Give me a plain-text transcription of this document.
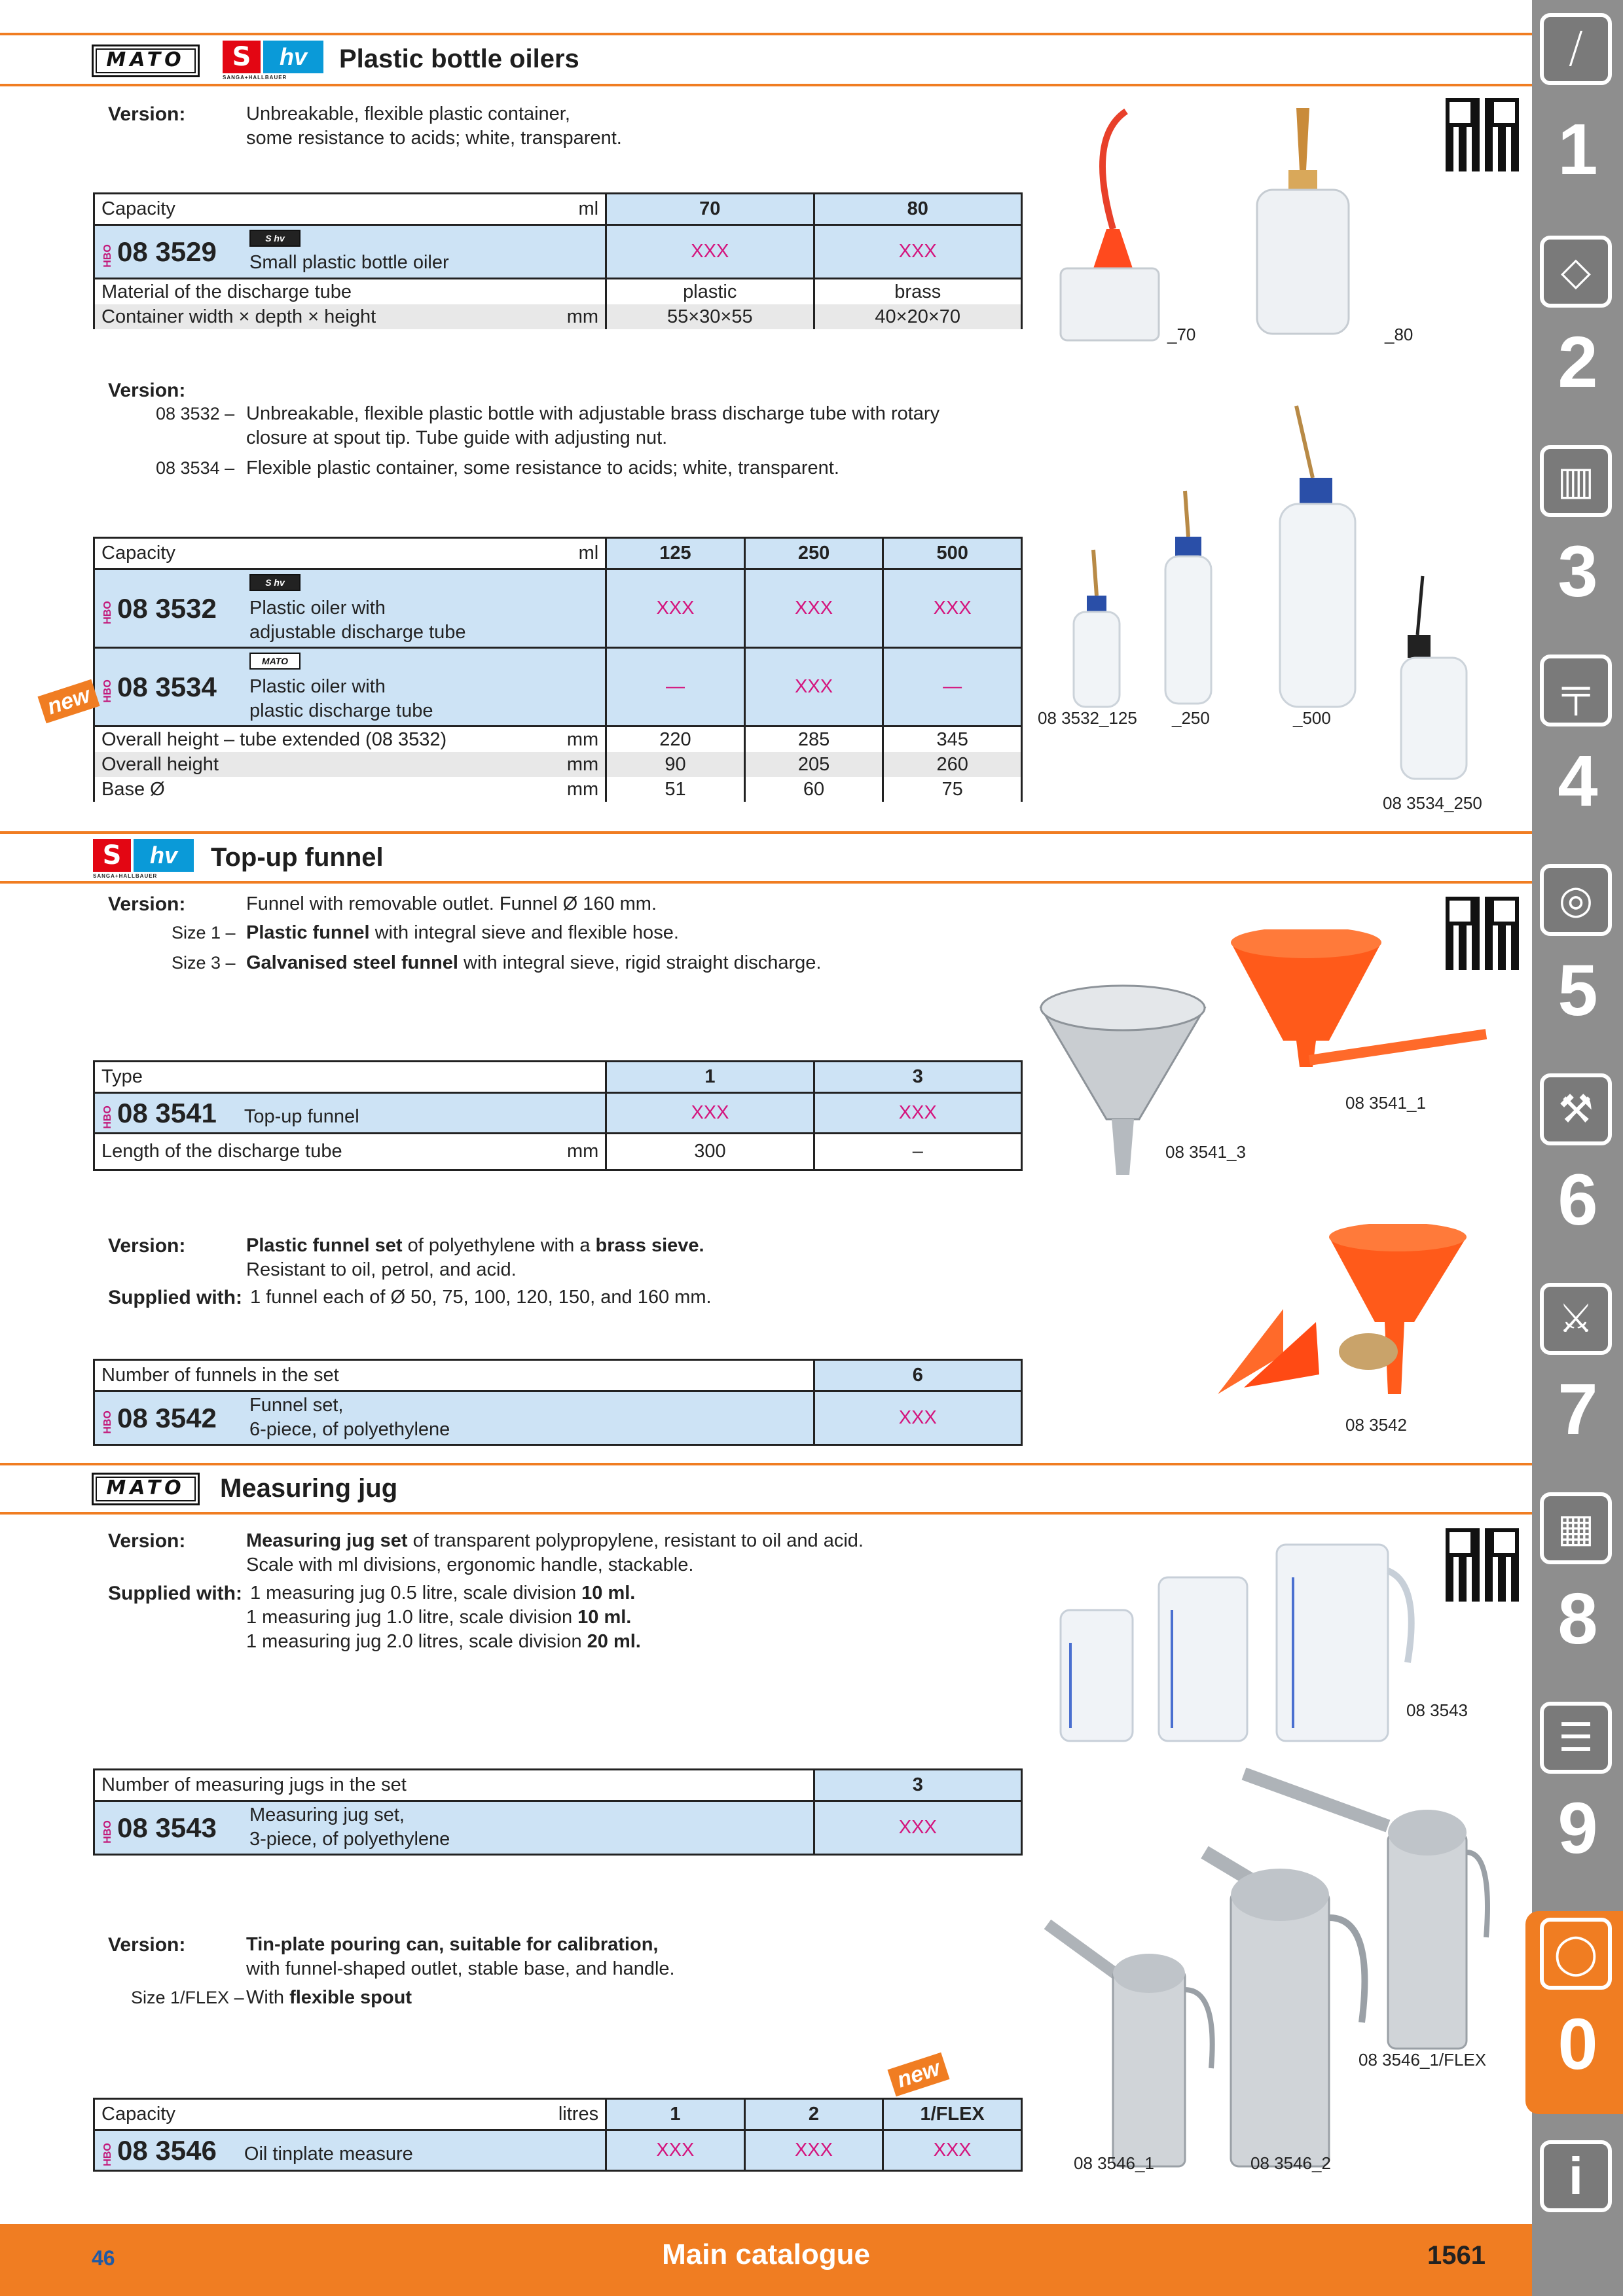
⧸
1
◇
2
▥
3
╤
4
◎
5
⚒
6
⚔
7
▦
8
☰
9
◯
0
i
MATO	S	hv
SANGA+HALLBAUER
Plastic bottle oilers
Version:	Unbreakable, flexible plastic container,
some resistance to acids; white, transparent.
Capacity ml	70	80
HBO 08 3529 S hv
Small plastic bottle oiler	XXX	XXX
Material of the discharge tube	plastic	brass
Container width × depth × height mm	55×30×55	40×20×70
_70	_80
Version:
08 3532 – Unbreakable, flexible plastic bottle with adjustable brass discharge tube with rotary
closure at spout tip. Tube guide with adjusting nut.
08 3534 – Flexible plastic container, some resistance to acids; white, transparent.
Capacity ml	125	250	500
HBO 08 3532
S hv
Plastic oiler with
adjustable discharge tube	XXX	XXX	XXX
HBO 08 3534
MATO
Plastic oiler with
plastic discharge tube	—	XXX	—
Overall height – tube extended (08 3532) mm	220	285	345
Overall height mm	90	205	260
Base Ø mm	51	60	75
new	08 3532_125 _250	_500
08 3534_250
S	hv
SANGA+HALLBAUER
Top-up funnel
Version:	Funnel with removable outlet. Funnel Ø 160 mm.
Size 1 – Plastic funnel with integral sieve and flexible hose.
Size 3 – Galvanised steel funnel with integral sieve, rigid straight discharge.
Type	1	3
HBO 08 3541 Top-up funnel	XXX	XXX
Length of the discharge tube mm	300	–
08 3541_1
08 3541_3
Version:	Plastic funnel set of polyethylene with a brass sieve.
Resistant to oil, petrol, and acid.
Supplied with: 1 funnel each of Ø 50, 75, 100, 120, 150, and 160 mm.
Number of funnels in the set	6
HBO 08 3542 Funnel set,
6-piece, of polyethylene	XXX	08 3542
MATO	Measuring jug
Version:	Measuring jug set of transparent polypropylene, resistant to oil and acid.
Scale with ml divisions, ergonomic handle, stackable.
Supplied with: 1 measuring jug 0.5 litre, scale division 10 ml.
1 measuring jug 1.0 litre, scale division 10 ml.
1 measuring jug 2.0 litres, scale division 20 ml.
08 3543
Number of measuring jugs in the set	3
HBO 08 3543 Measuring jug set,
3-piece, of polyethylene	XXX
Version:	Tin-plate pouring can, suitable for calibration,
with funnel-shaped outlet, stable base, and handle.
Size 1/FLEX – With flexible spout
new
Capacity litres	1	2	1/FLEX
HBO 08 3546 Oil tinplate measure	XXX	XXX	XXX
08 3546_1	08 3546_2
08 3546_1/FLEX
46	Main catalogue	1561
